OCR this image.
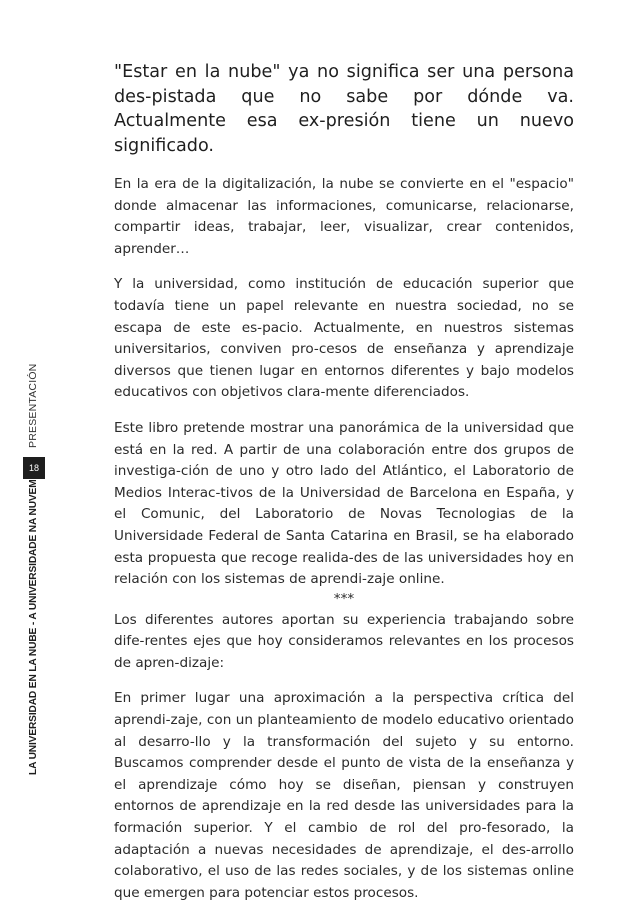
PRESENTACIÓN
18
LA UNIVERSIDAD EN LA NUBE - A UNIVERSIDADE NA NUVEM

"Estar en la nube" ya no significa ser una persona des-pistada que no sabe por dónde va. Actualmente esa ex-presión tiene un nuevo significado.

En la era de la digitalización, la nube se convierte en el "espacio" donde almacenar las informaciones, comunicarse, relacionarse, compartir ideas, trabajar, leer, visualizar, crear contenidos, aprender…

Y la universidad, como institución de educación superior que todavía tiene un papel relevante en nuestra sociedad, no se escapa de este es-pacio. Actualmente, en nuestros sistemas universitarios, conviven pro-cesos de enseñanza y aprendizaje diversos que tienen lugar en entornos diferentes y bajo modelos educativos con objetivos clara-mente diferenciados.

Este libro pretende mostrar una panorámica de la universidad que está en la red. A partir de una colaboración entre dos grupos de investiga-ción de uno y otro lado del Atlántico, el Laboratorio de Medios Interac-tivos de la Universidad de Barcelona en España, y el Comunic, del Laboratorio de Novas Tecnologias de la Universidade Federal de Santa Catarina en Brasil, se ha elaborado esta propuesta que recoge realida-des de las universidades hoy en relación con los sistemas de aprendi-zaje online.

***

Los diferentes autores aportan su experiencia trabajando sobre dife-rentes ejes que hoy consideramos relevantes en los procesos de apren-dizaje:

En primer lugar una aproximación a la perspectiva crítica del aprendi-zaje, con un planteamiento de modelo educativo orientado al desarro-llo y la transformación del sujeto y su entorno. Buscamos comprender desde el punto de vista de la enseñanza y el aprendizaje cómo hoy se diseñan, piensan y construyen entornos de aprendizaje en la red desde las universidades para la formación superior. Y el cambio de rol del pro-fesorado, la adaptación a nuevas necesidades de aprendizaje, el des-arrollo colaborativo, el uso de las redes sociales, y de los sistemas online que emergen para potenciar estos procesos.
